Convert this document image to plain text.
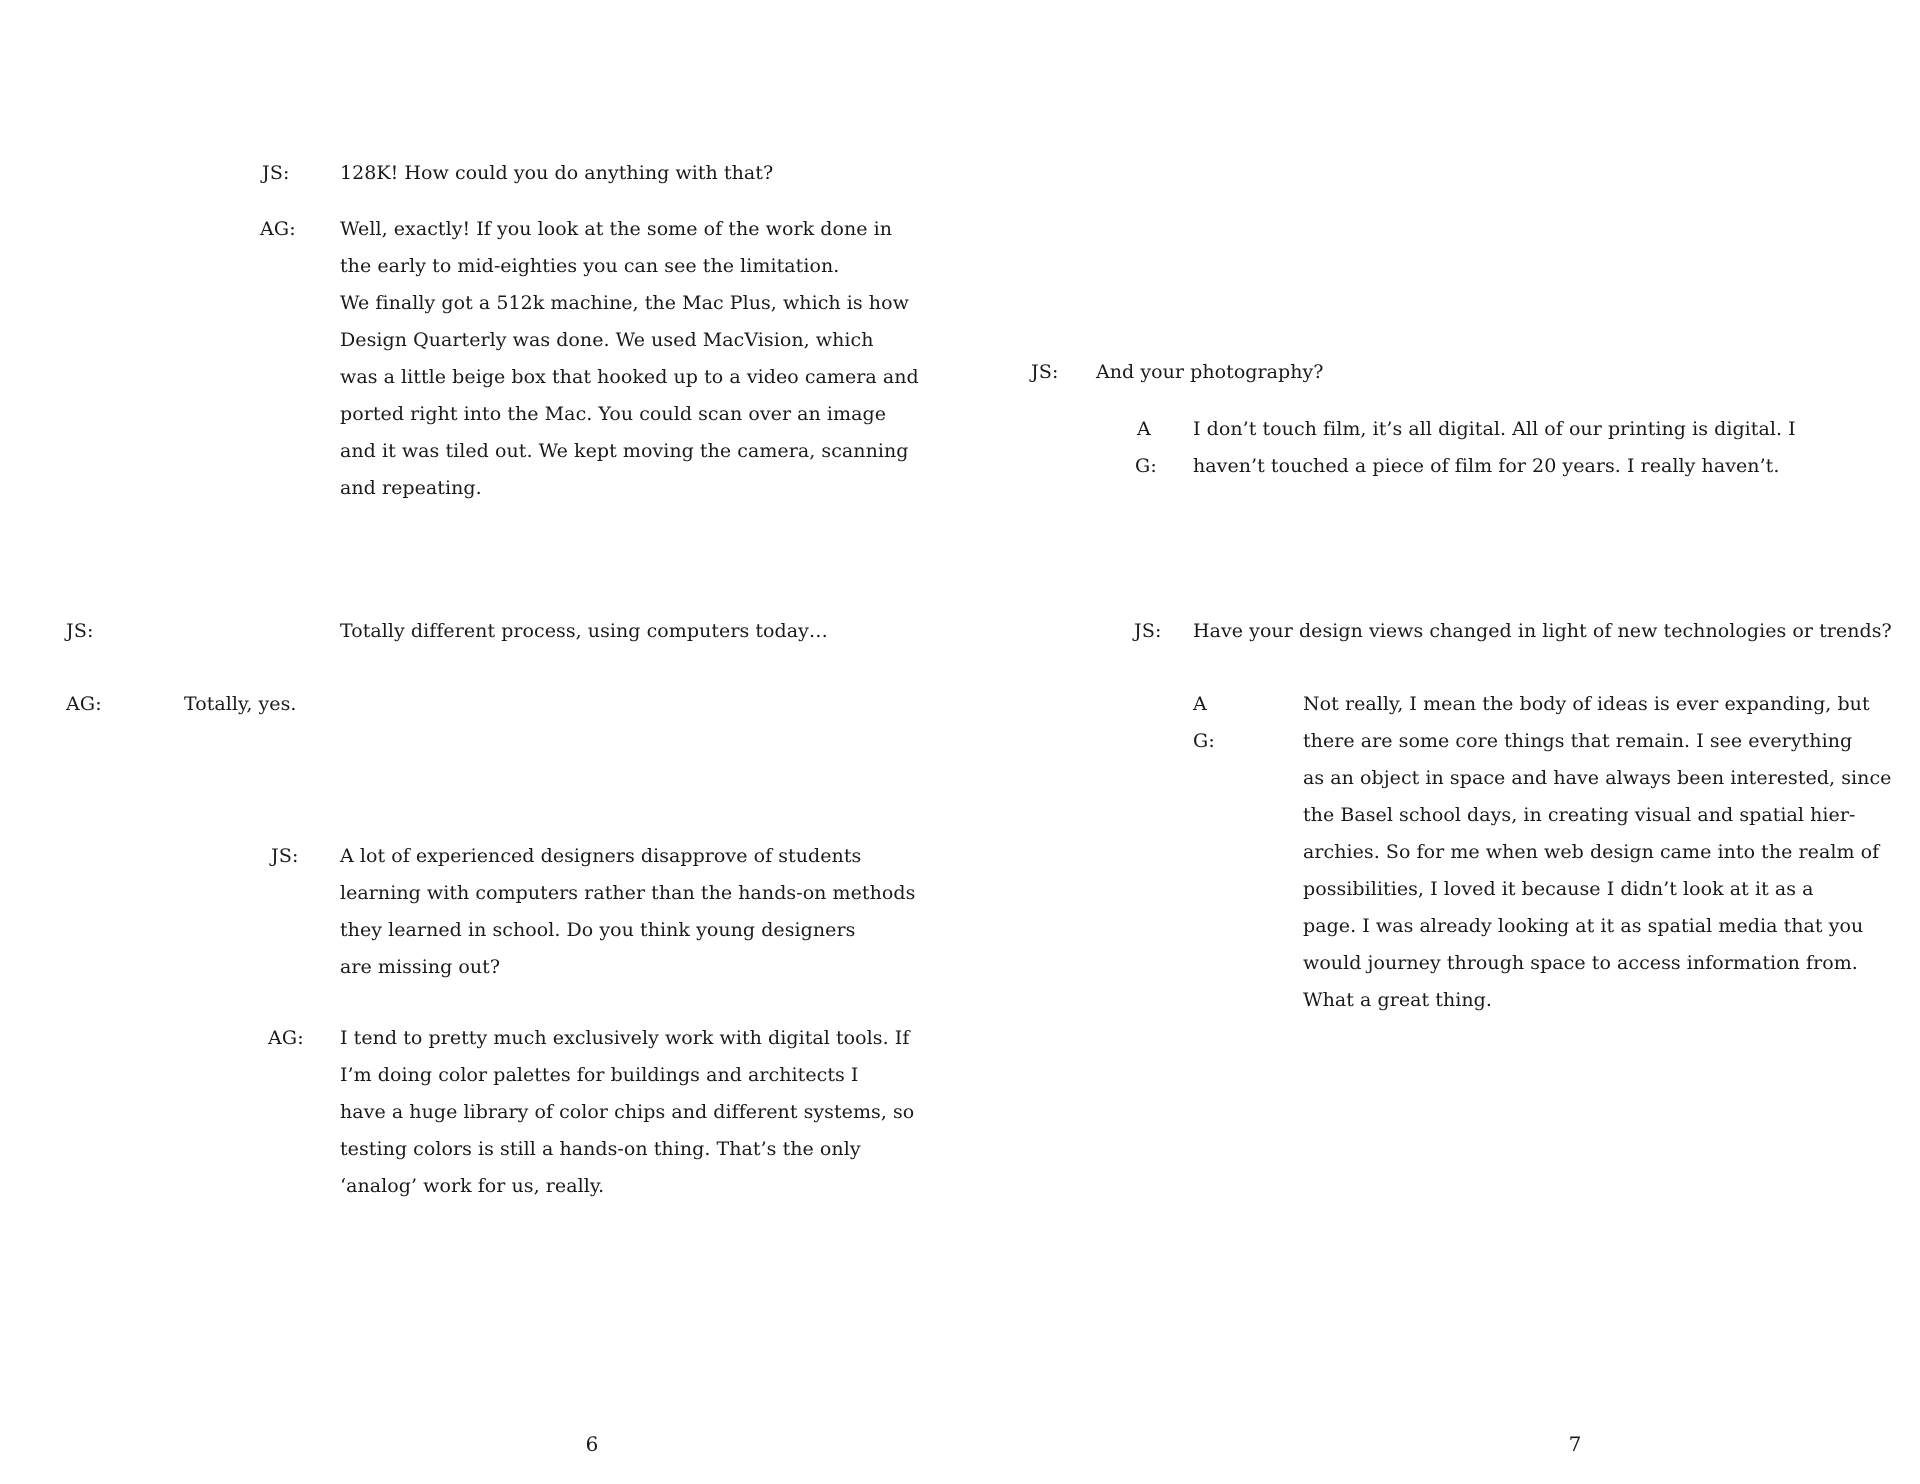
JS:	128K! How could you do anything with that?
AG: Well, exactly! If you look at the some of the work done in
the early to mid-eighties you can see the limitation.
We finally got a 512k machine, the Mac Plus, which is how
Design Quarterly was done. We used MacVision, which
was a little beige box that hooked up to a video camera and
ported right into the Mac. You could scan over an image
and it was tiled out. We kept moving the camera, scanning
and repeating.
JS:	Totally different process, using computers today…
AG:	Totally, yes.
JS: A lot of experienced designers disapprove of students
learning with computers rather than the hands-on methods
they learned in school. Do you think young designers
are missing out?
AG: I tend to pretty much exclusively work with digital tools. If
I’m doing color palettes for buildings and architects I
have a huge library of color chips and different systems, so
testing colors is still a hands-on thing. That’s the only
‘analog’ work for us, really.
6
JS: And your photography?
A
G:
I don’t touch film, it’s all digital. All of our printing is digital. I
haven’t touched a piece of film for 20 years. I really haven’t.
JS: Have your design views changed in light of new technologies or trends?
A
G:
Not really, I mean the body of ideas is ever expanding, but
there are some core things that remain. I see everything
as an object in space and have always been interested, since
the Basel school days, in creating visual and spatial hier-
archies. So for me when web design came into the realm of
possibilities, I loved it because I didn’t look at it as a
page. I was already looking at it as spatial media that you
would journey through space to access information from.
What a great thing.
7
